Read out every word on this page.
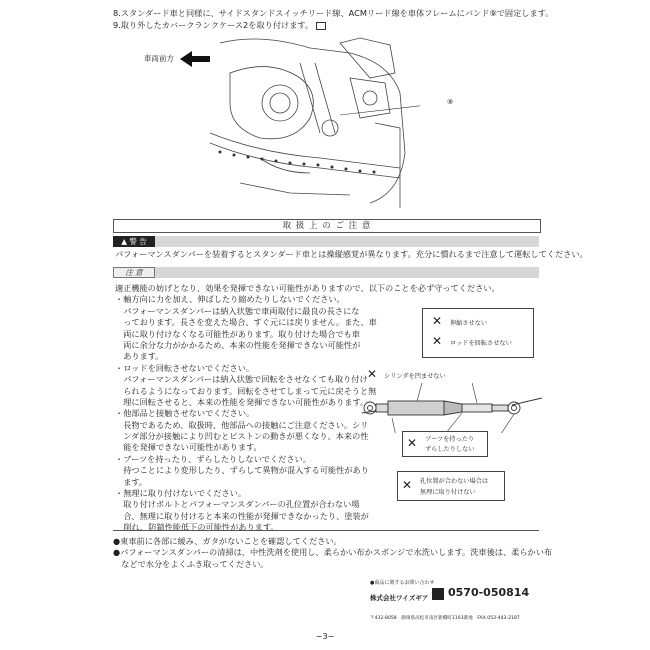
8.スタンダード車と同様に、サイドスタンドスイッチリード線、ACMリード線を車体フレームにバンド⑨で固定します。
9.取り外したカバークランクケース2を取り付けます。
車両前方
⑨
取 扱 上 の ご 注 意
▲ 警 告
パフォーマンスダンパーを装着するとスタンダード車とは操縦感覚が異なります。充分に慣れるまで注意して運転してください。
注 意
適正機能の妨げとなり、効果を発揮できない可能性がありますので、以下のことを必ず守ってください。
・軸方向に力を加え、伸ばしたり縮めたりしないでください。
　パフォーマンスダンパーは納入状態で車両取付に最良の長さにな
　っております。長さを変えた場合、すぐ元には戻りません。また、車
　両に取り付けなくなる可能性があります。取り付けた場合でも車
　両に余分な力がかかるため、本来の性能を発揮できない可能性が
　あります。
・ロッドを回転させないでください。
　パフォーマンスダンパーは納入状態で回転をさせなくても取り付け
　られるようになっております。回転をさせてしまって元に戻そうと無
　理に回転させると、本来の性能を発揮できない可能性があります。
・他部品と接触させないでください。
　長物であるため、取扱時、他部品への接触にご注意ください。シリ
　ンダ部分が接触により凹むとピストンの動きが悪くなり、本来の性
　能を発揮できない可能性があります。
・ブーツを持ったり、ずらしたりしないでください。
　持つことにより変形したり、ずらして異物が混入する可能性があり
　ます。
・無理に取り付けないでください。
　取り付けボルトとパフォーマンスダンパーの孔位置が合わない場
　合、無理に取り付けると本来の性能が発揮できなかったり、塗装が
　削れ、防錆性能低下の可能性があります。
✕ 伸縮させない
✕ ロッドを回転させない
✕ シリンダを凹ませない
✕ ブーツを持ったり
ずらしたりしない
✕ 孔位置が合わない場合は
無理に取り付けない
●東車前に各部に緩み、ガタがないことを確認してください。
●パフォーマンスダンパーの清掃は、中性洗剤を使用し、柔らかい布かスポンジで水洗いします。洗車後は、柔らかい布
　などで水分をよくふき取ってください。
●商品に関するお問い合わせ
株式会社ワイズギア 0570-050814
〒432-8058　静岡県浜松市南区新橋町1103番地　FAX.053-443-2187
−3−
